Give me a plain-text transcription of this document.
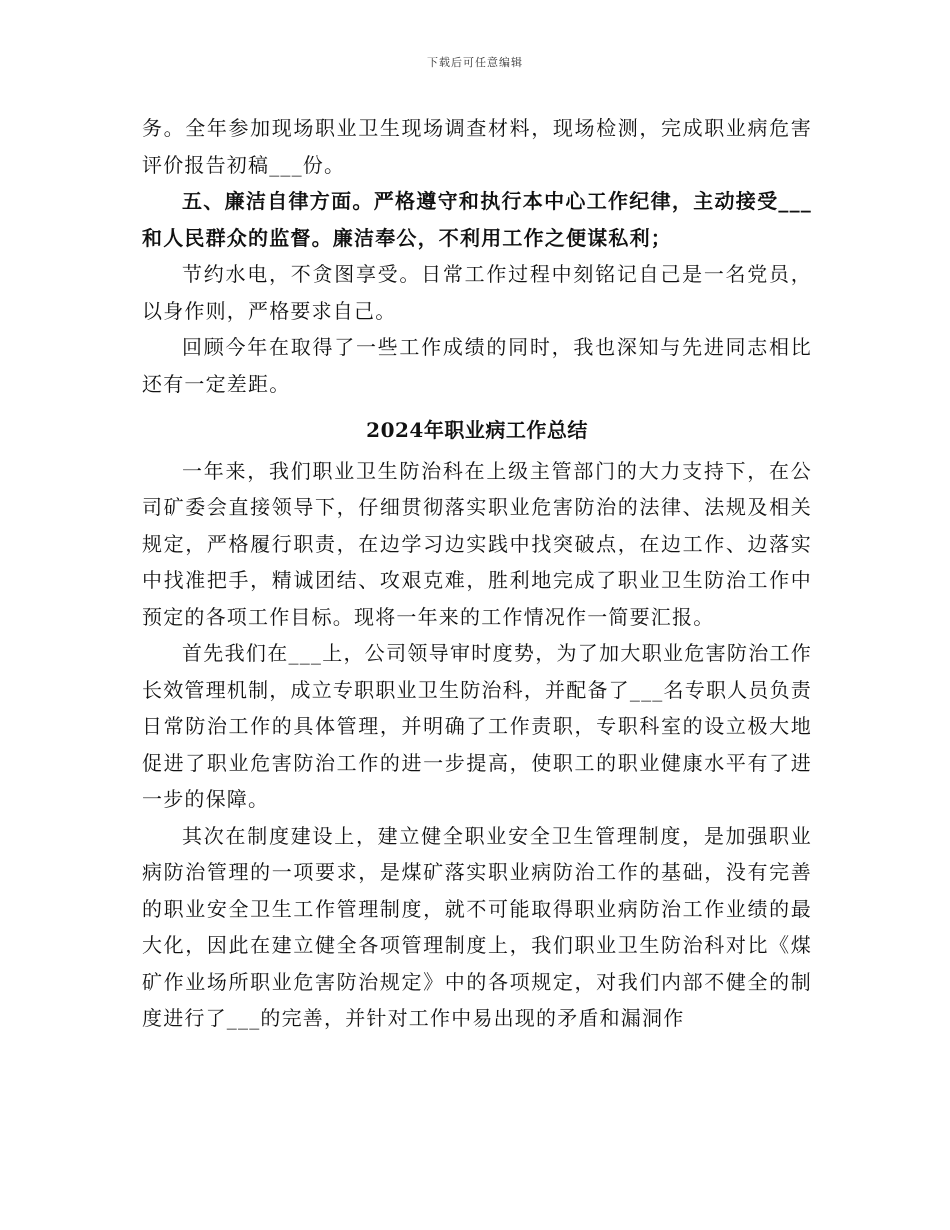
下载后可任意编辑

务。全年参加现场职业卫生现场调查材料，现场检测，完成职业病危害评价报告初稿___份。

五、廉洁自律方面。严格遵守和执行本中心工作纪律，主动接受___和人民群众的监督。廉洁奉公，不利用工作之便谋私利；

节约水电，不贪图享受。日常工作过程中刻铭记自己是一名党员，以身作则，严格要求自己。

回顾今年在取得了一些工作成绩的同时，我也深知与先进同志相比还有一定差距。

2024年职业病工作总结

一年来，我们职业卫生防治科在上级主管部门的大力支持下，在公司矿委会直接领导下，仔细贯彻落实职业危害防治的法律、法规及相关规定，严格履行职责，在边学习边实践中找突破点，在边工作、边落实中找准把手，精诚团结、攻艰克难，胜利地完成了职业卫生防治工作中预定的各项工作目标。现将一年来的工作情况作一简要汇报。

首先我们在___上，公司领导审时度势，为了加大职业危害防治工作长效管理机制，成立专职职业卫生防治科，并配备了___名专职人员负责日常防治工作的具体管理，并明确了工作责职，专职科室的设立极大地促进了职业危害防治工作的进一步提高，使职工的职业健康水平有了进一步的保障。

其次在制度建设上，建立健全职业安全卫生管理制度，是加强职业病防治管理的一项要求，是煤矿落实职业病防治工作的基础，没有完善的职业安全卫生工作管理制度，就不可能取得职业病防治工作业绩的最大化，因此在建立健全各项管理制度上，我们职业卫生防治科对比《煤矿作业场所职业危害防治规定》中的各项规定，对我们内部不健全的制度进行了___的完善，并针对工作中易出现的矛盾和漏洞作
